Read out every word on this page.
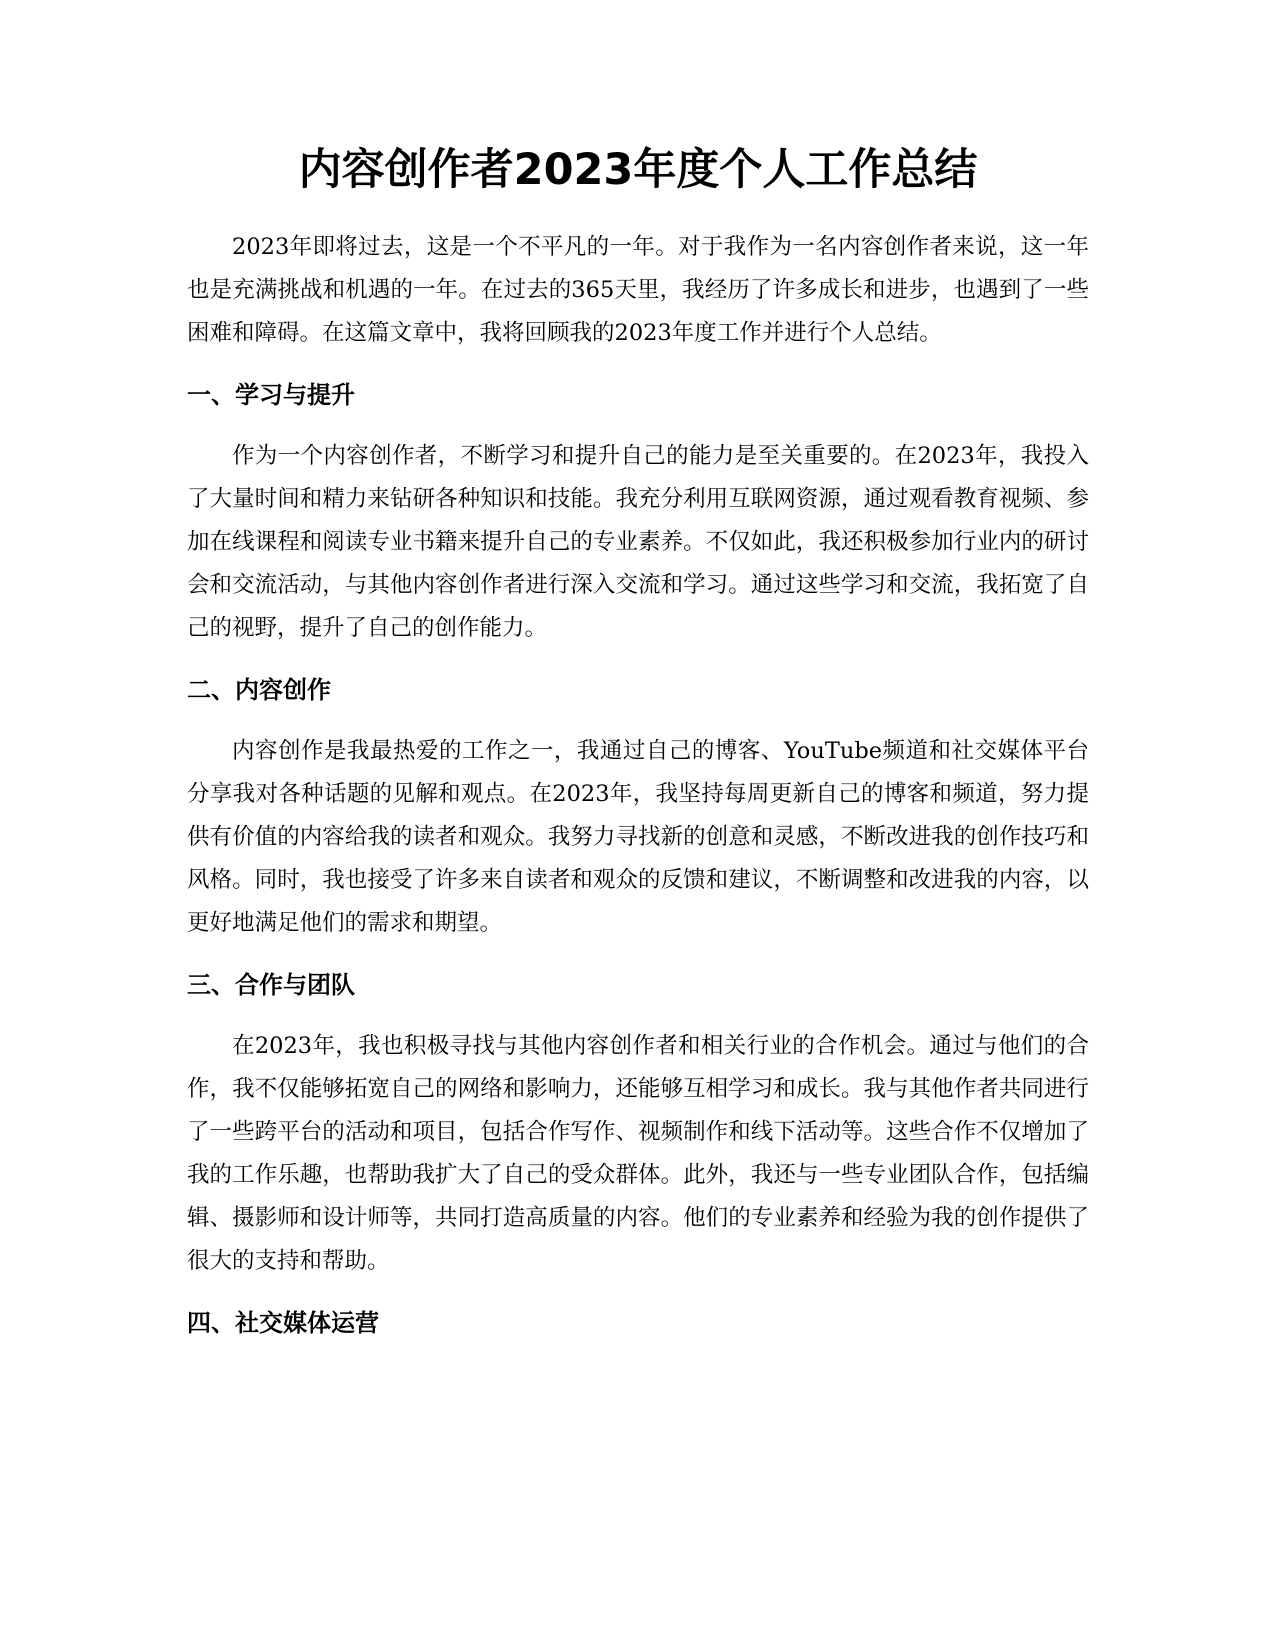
内容创作者2023年度个人工作总结

2023年即将过去，这是一个不平凡的一年。对于我作为一名内容创作者来说，这一年也是充满挑战和机遇的一年。在过去的365天里，我经历了许多成长和进步，也遇到了一些困难和障碍。在这篇文章中，我将回顾我的2023年度工作并进行个人总结。

一、学习与提升

作为一个内容创作者，不断学习和提升自己的能力是至关重要的。在2023年，我投入了大量时间和精力来钻研各种知识和技能。我充分利用互联网资源，通过观看教育视频、参加在线课程和阅读专业书籍来提升自己的专业素养。不仅如此，我还积极参加行业内的研讨会和交流活动，与其他内容创作者进行深入交流和学习。通过这些学习和交流，我拓宽了自己的视野，提升了自己的创作能力。

二、内容创作

内容创作是我最热爱的工作之一，我通过自己的博客、YouTube频道和社交媒体平台分享我对各种话题的见解和观点。在2023年，我坚持每周更新自己的博客和频道，努力提供有价值的内容给我的读者和观众。我努力寻找新的创意和灵感，不断改进我的创作技巧和风格。同时，我也接受了许多来自读者和观众的反馈和建议，不断调整和改进我的内容，以更好地满足他们的需求和期望。

三、合作与团队

在2023年，我也积极寻找与其他内容创作者和相关行业的合作机会。通过与他们的合作，我不仅能够拓宽自己的网络和影响力，还能够互相学习和成长。我与其他作者共同进行了一些跨平台的活动和项目，包括合作写作、视频制作和线下活动等。这些合作不仅增加了我的工作乐趣，也帮助我扩大了自己的受众群体。此外，我还与一些专业团队合作，包括编辑、摄影师和设计师等，共同打造高质量的内容。他们的专业素养和经验为我的创作提供了很大的支持和帮助。

四、社交媒体运营
